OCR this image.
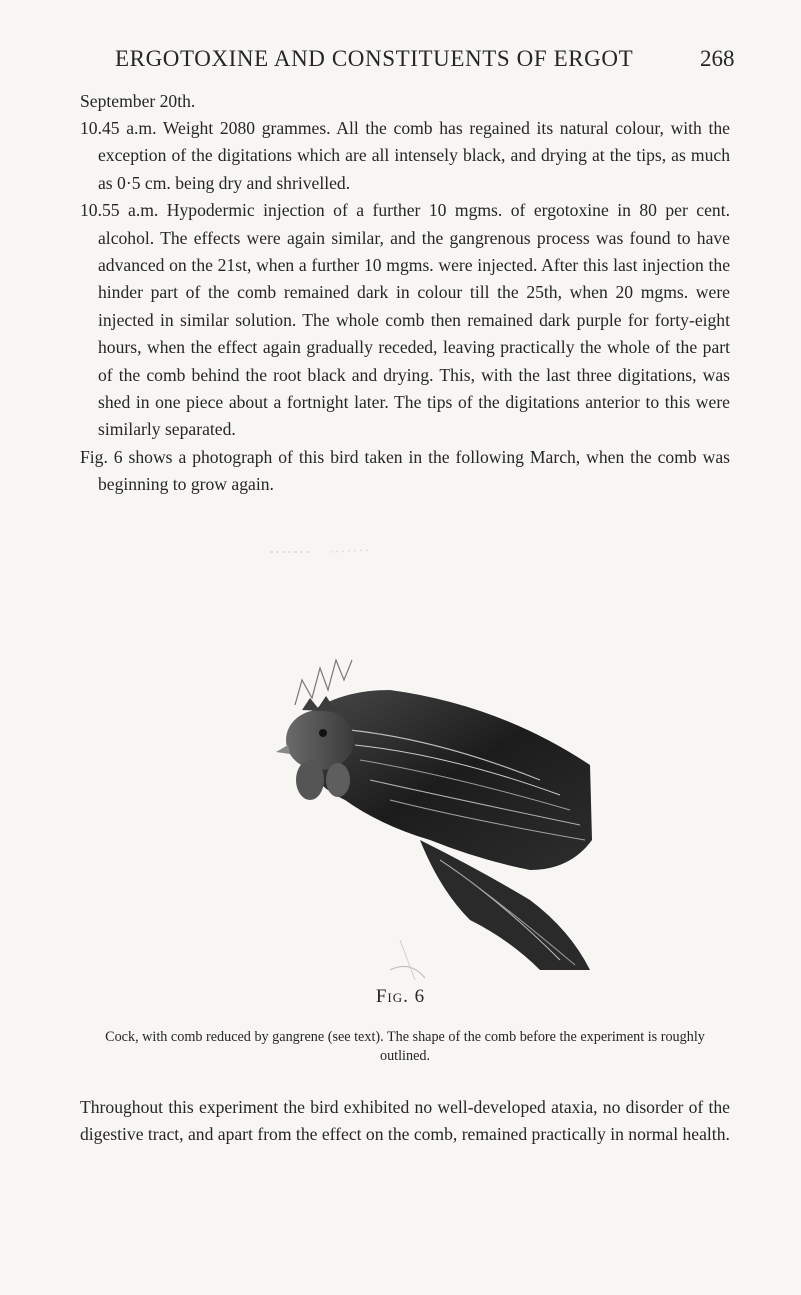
ERGOTOXINE AND CONSTITUENTS OF ERGOT	268
September 20th.

10.45 a.m. Weight 2080 grammes. All the comb has regained its natural colour, with the exception of the digitations which are all intensely black, and drying at the tips, as much as 0·5 cm. being dry and shrivelled.

10.55 a.m. Hypodermic injection of a further 10 mgms. of ergotoxine in 80 per cent. alcohol. The effects were again similar, and the gangrenous process was found to have advanced on the 21st, when a further 10 mgms. were injected. After this last injection the hinder part of the comb remained dark in colour till the 25th, when 20 mgms. were injected in similar solution. The whole comb then remained dark purple for forty-eight hours, when the effect again gradually receded, leaving practically the whole of the part of the comb behind the root black and drying. This, with the last three digitations, was shed in one piece about a fortnight later. The tips of the digitations anterior to this were similarly separated.

Fig. 6 shows a photograph of this bird taken in the following March, when the comb was beginning to grow again.

Fig. 6
Cock, with comb reduced by gangrene (see text). The shape of the comb before the experiment is roughly outlined.
Throughout this experiment the bird exhibited no well-developed ataxia, no disorder of the digestive tract, and apart from the effect on the comb, remained practically in normal health.
